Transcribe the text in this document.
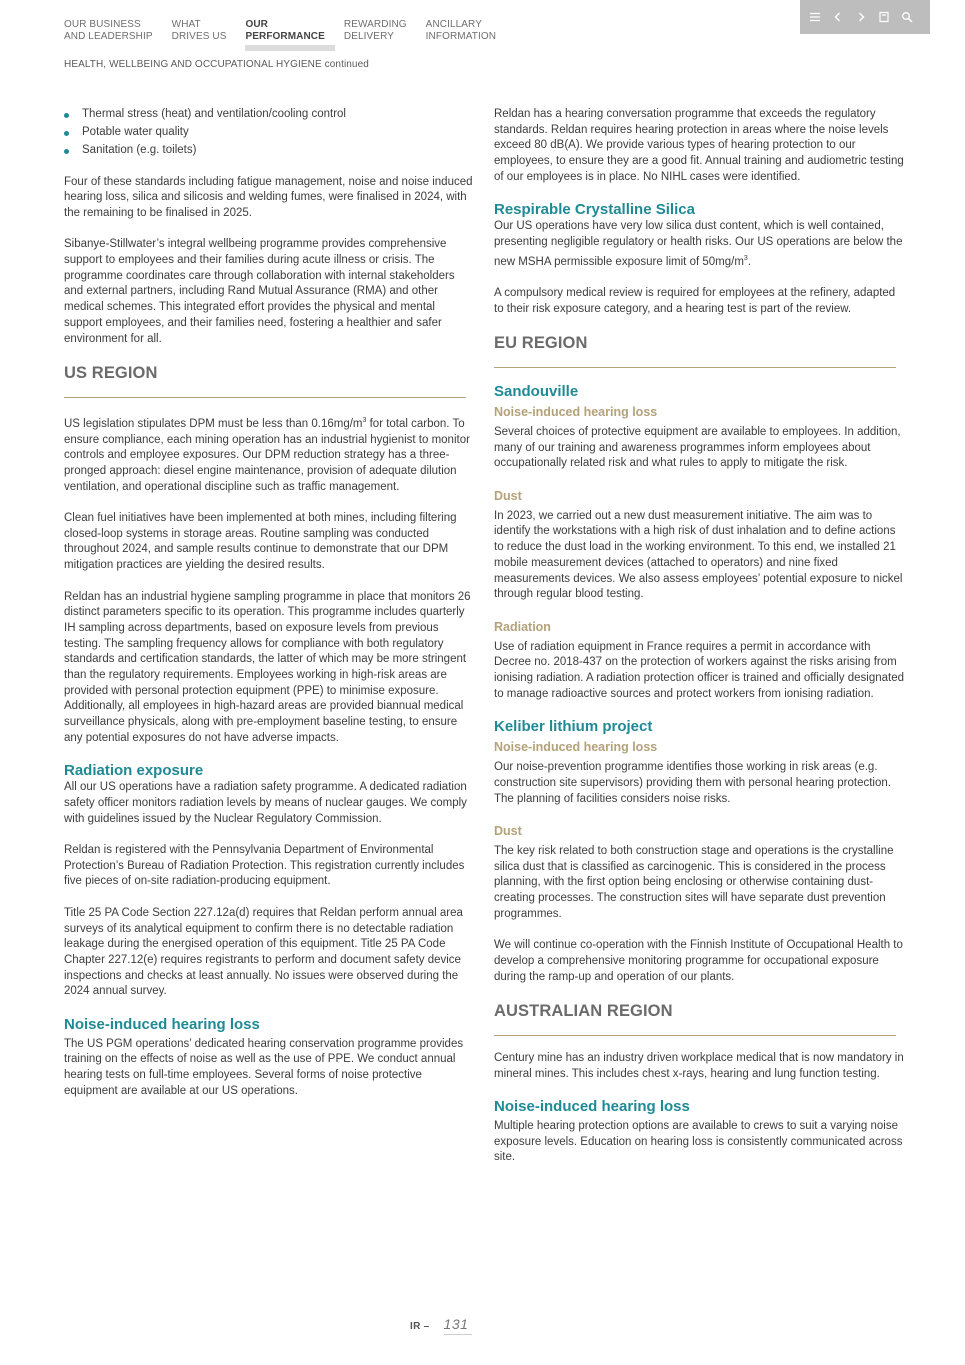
OUR BUSINESS
AND LEADERSHIP
WHAT
DRIVES US
OUR
PERFORMANCE
REWARDING
DELIVERY
ANCILLARY
INFORMATION
HEALTH, WELLBEING AND OCCUPATIONAL HYGIENE continued
Thermal stress (heat) and ventilation/cooling control
Potable water quality
Sanitation (e.g. toilets)

Four of these standards including fatigue management, noise and noise induced hearing loss, silica and silicosis and welding fumes, were finalised in 2024, with the remaining to be finalised in 2025.

Sibanye-Stillwater’s integral wellbeing programme provides comprehensive support to employees and their families during acute illness or crisis. The programme coordinates care through collaboration with internal stakeholders and external partners, including Rand Mutual Assurance (RMA) and other medical schemes. This integrated effort provides the physical and mental support employees, and their families need, fostering a healthier and safer environment for all.

US REGION

US legislation stipulates DPM must be less than $0.16mg/m^3$ for total carbon. To ensure compliance, each mining operation has an industrial hygienist to monitor controls and employee exposures. Our DPM reduction strategy has a three-pronged approach: diesel engine maintenance, provision of adequate dilution ventilation, and operational discipline such as traffic management.

Clean fuel initiatives have been implemented at both mines, including filtering closed-loop systems in storage areas. Routine sampling was conducted throughout 2024, and sample results continue to demonstrate that our DPM mitigation practices are yielding the desired results.

Reldan has an industrial hygiene sampling programme in place that monitors 26 distinct parameters specific to its operation. This programme includes quarterly IH sampling across departments, based on exposure levels from previous testing. The sampling frequency allows for compliance with both regulatory standards and certification standards, the latter of which may be more stringent than the regulatory requirements. Employees working in high-risk areas are provided with personal protection equipment (PPE) to minimise exposure. Additionally, all employees in high-hazard areas are provided biannual medical surveillance physicals, along with pre-employment baseline testing, to ensure any potential exposures do not have adverse impacts.

Radiation exposure

All our US operations have a radiation safety programme. A dedicated radiation safety officer monitors radiation levels by means of nuclear gauges. We comply with guidelines issued by the Nuclear Regulatory Commission.

Reldan is registered with the Pennsylvania Department of Environmental Protection’s Bureau of Radiation Protection. This registration currently includes five pieces of on-site radiation-producing equipment.

Title 25 PA Code Section 227.12a(d) requires that Reldan perform annual area surveys of its analytical equipment to confirm there is no detectable radiation leakage during the energised operation of this equipment. Title 25 PA Code Chapter 227.12(e) requires registrants to perform and document safety device inspections and checks at least annually. No issues were observed during the 2024 annual survey.

Noise-induced hearing loss

The US PGM operations’ dedicated hearing conservation programme provides training on the effects of noise as well as the use of PPE. We conduct annual hearing tests on full-time employees. Several forms of noise protective equipment are available at our US operations.

Reldan has a hearing conversation programme that exceeds the regulatory standards. Reldan requires hearing protection in areas where the noise levels exceed 80 dB(A). We provide various types of hearing protection to our employees, to ensure they are a good fit. Annual training and audiometric testing of our employees is in place. No NIHL cases were identified.

Respirable Crystalline Silica

Our US operations have very low silica dust content, which is well contained, presenting negligible regulatory or health risks. Our US operations are below the new MSHA permissible exposure limit of $50mg/m^3$.

A compulsory medical review is required for employees at the refinery, adapted to their risk exposure category, and a hearing test is part of the review.

EU REGION
Sandouville
Noise-induced hearing loss

Several choices of protective equipment are available to employees. In addition, many of our training and awareness programmes inform employees about occupationally related risk and what rules to apply to mitigate the risk.

Dust

In 2023, we carried out a new dust measurement initiative. The aim was to identify the workstations with a high risk of dust inhalation and to define actions to reduce the dust load in the working environment. To this end, we installed 21 mobile measurement devices (attached to operators) and nine fixed measurements devices. We also assess employees’ potential exposure to nickel through regular blood testing.

Radiation

Use of radiation equipment in France requires a permit in accordance with Decree no. 2018-437 on the protection of workers against the risks arising from ionising radiation. A radiation protection officer is trained and officially designated to manage radioactive sources and protect workers from ionising radiation.

Keliber lithium project
Noise-induced hearing loss

Our noise-prevention programme identifies those working in risk areas (e.g. construction site supervisors) providing them with personal hearing protection. The planning of facilities considers noise risks.

Dust

The key risk related to both construction stage and operations is the crystalline silica dust that is classified as carcinogenic. This is considered in the process planning, with the first option being enclosing or otherwise containing dust-creating processes. The construction sites will have separate dust prevention programmes.

We will continue co-operation with the Finnish Institute of Occupational Health to develop a comprehensive monitoring programme for occupational exposure during the ramp-up and operation of our plants.

AUSTRALIAN REGION

Century mine has an industry driven workplace medical that is now mandatory in mineral mines. This includes chest x-rays, hearing and lung function testing.

Noise-induced hearing loss

Multiple hearing protection options are available to crews to suit a varying noise exposure levels. Education on hearing loss is consistently communicated across site.

IR – 131
